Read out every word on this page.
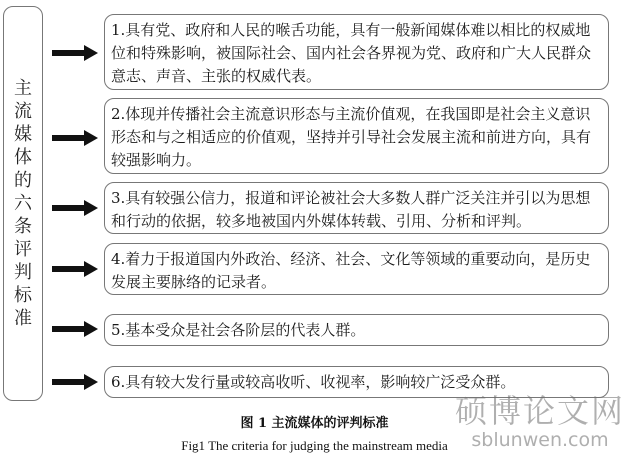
主流媒体的六条评判标准
1.具有党、政府和人民的喉舌功能，具有一般新闻媒体难以相比的权威地位和特殊影响，被国际社会、国内社会各界视为党、政府和广大人民群众意志、声音、主张的权威代表。
2.体现并传播社会主流意识形态与主流价值观，在我国即是社会主义意识形态和与之相适应的价值观，坚持并引导社会发展主流和前进方向，具有较强影响力。
3.具有较强公信力，报道和评论被社会大多数人群广泛关注并引以为思想和行动的依据，较多地被国内外媒体转载、引用、分析和评判。
4.着力于报道国内外政治、经济、社会、文化等领域的重要动向，是历史发展主要脉络的记录者。
5.基本受众是社会各阶层的代表人群。
6.具有较大发行量或较高收听、收视率，影响较广泛受众群。
图 1 主流媒体的评判标准
Fig1 The criteria for judging the mainstream media
硕博论文网
sblunwen.com
